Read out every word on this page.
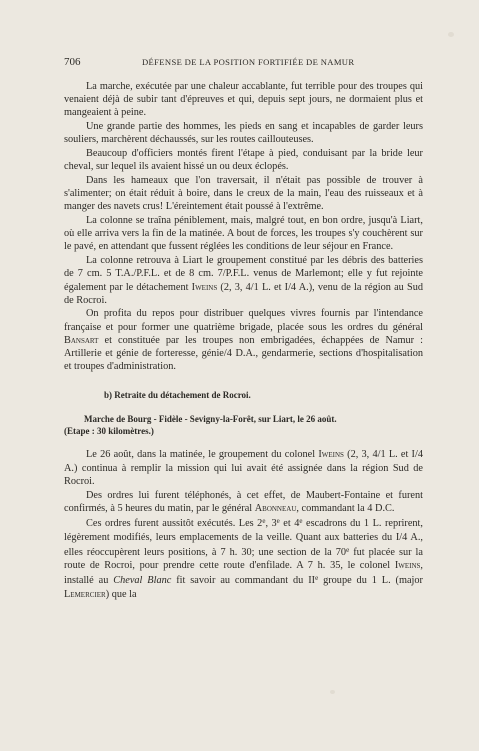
706	DÉFENSE DE LA POSITION FORTIFIÉE DE NAMUR

La marche, exécutée par une chaleur accablante, fut terrible pour des troupes qui venaient déjà de subir tant d'épreuves et qui, depuis sept jours, ne dormaient plus et mangeaient à peine.

Une grande partie des hommes, les pieds en sang et incapables de garder leurs souliers, marchèrent déchaussés, sur les routes caillouteuses.

Beaucoup d'officiers montés firent l'étape à pied, conduisant par la bride leur cheval, sur lequel ils avaient hissé un ou deux éclopés.

Dans les hameaux que l'on traversait, il n'était pas possible de trouver à s'alimenter; on était réduit à boire, dans le creux de la main, l'eau des ruisseaux et à manger des navets crus! L'éreintement était poussé à l'extrême.

La colonne se traîna péniblement, mais, malgré tout, en bon ordre, jusqu'à Liart, où elle arriva vers la fin de la matinée. A bout de forces, les troupes s'y couchèrent sur le pavé, en attendant que fussent réglées les conditions de leur séjour en France.

La colonne retrouva à Liart le groupement constitué par les débris des batteries de 7 cm. 5 T.A./P.F.L. et de 8 cm. 7/P.F.L. venus de Marlemont; elle y fut rejointe également par le détachement Iweins (2, 3, 4/1 L. et I/4 A.), venu de la région au Sud de Rocroi.

On profita du repos pour distribuer quelques vivres fournis par l'intendance française et pour former une quatrième brigade, placée sous les ordres du général Bansart et constituée par les troupes non embrigadées, échappées de Namur : Artillerie et génie de forteresse, génie/4 D.A., gendarmerie, sections d'hospitalisation et troupes d'administration.

b) Retraite du détachement de Rocroi.
Marche de Bourg - Fidèle - Sevigny-la-Forêt, sur Liart, le 26 août.
(Etape : 30 kilomètres.)

Le 26 août, dans la matinée, le groupement du colonel Iweins (2, 3, 4/1 L. et I/4 A.) continua à remplir la mission qui lui avait été assignée dans la région Sud de Rocroi.

Des ordres lui furent téléphonés, à cet effet, de Maubert-Fontaine et furent confirmés, à 5 heures du matin, par le général Abonneau, commandant la 4 D.C.

Ces ordres furent aussitôt exécutés. Les 2e, 3e et 4e escadrons du 1 L. reprirent, légèrement modifiés, leurs emplacements de la veille. Quant aux batteries du I/4 A., elles réoccupèrent leurs positions, à 7 h. 30; une section de la 70e fut placée sur la route de Rocroi, pour prendre cette route d'enfilade. A 7 h. 35, le colonel Iweins, installé au Cheval Blanc fit savoir au commandant du IIe groupe du 1 L. (major Lemercier) que la
